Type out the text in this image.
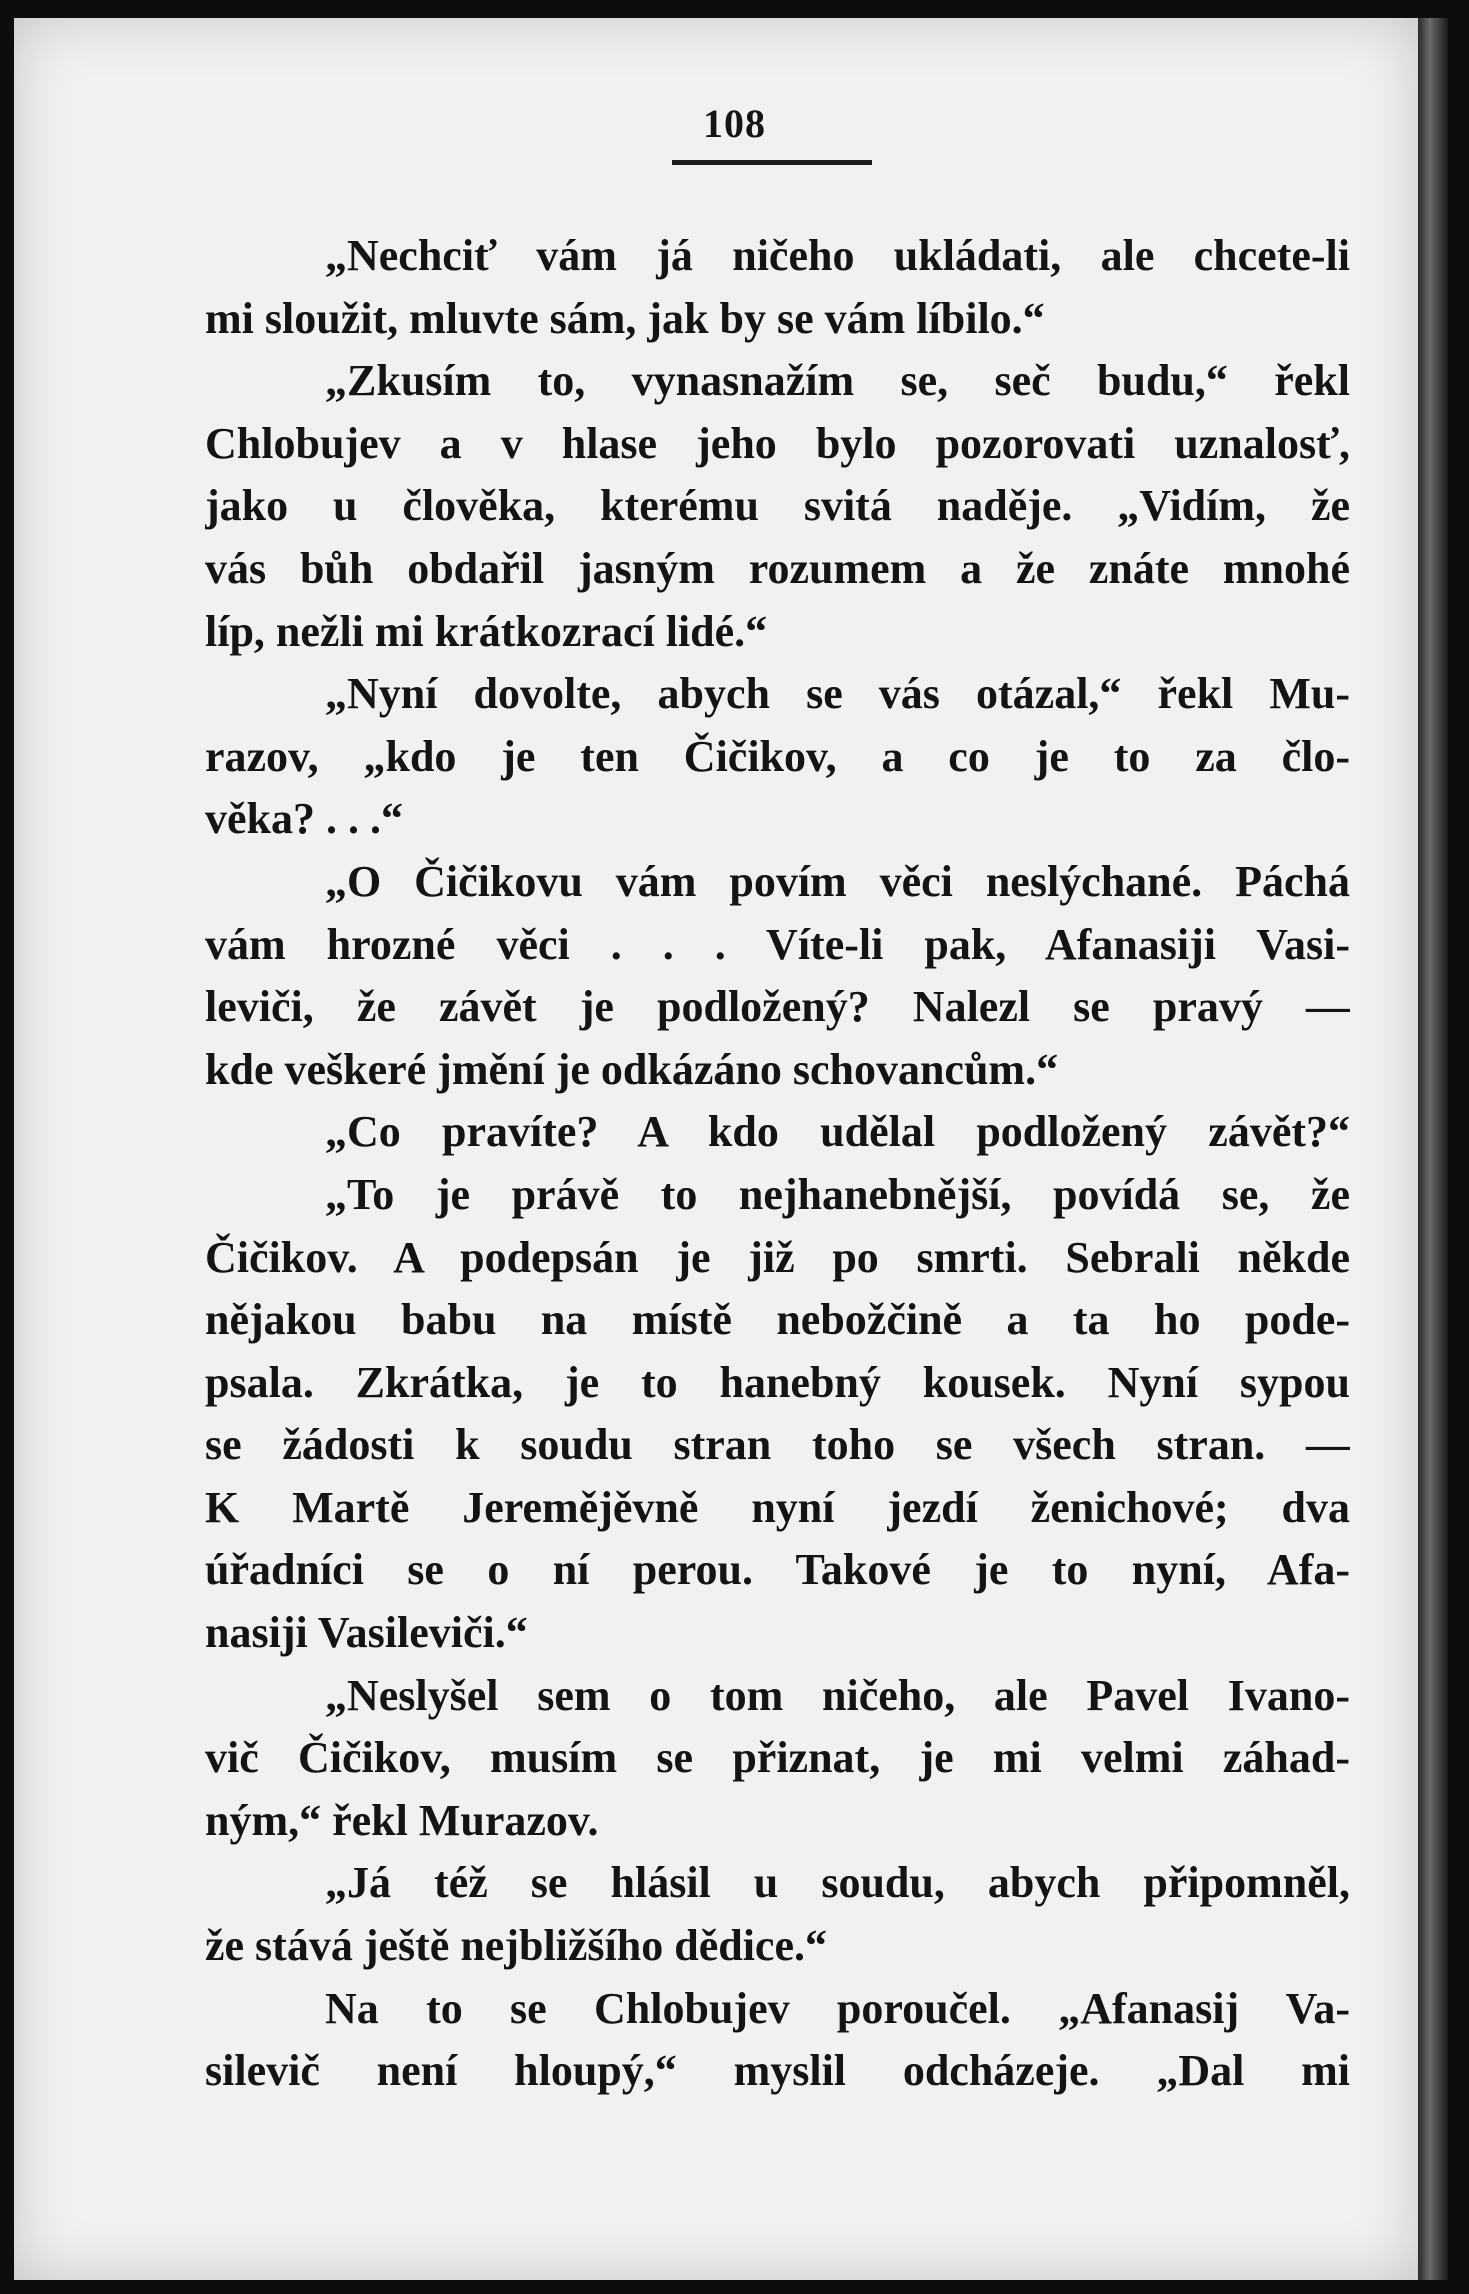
108
„Nechciť vám já ničeho ukládati, ale chcete-li
mi sloužit, mluvte sám, jak by se vám líbilo.“
„Zkusím to, vynasnažím se, seč budu,“ řekl
Chlobujev a v hlase jeho bylo pozorovati uznalosť,
jako u člověka, kterému svitá naděje. „Vidím, že
vás bůh obdařil jasným rozumem a že znáte mnohé
líp, nežli mi krátkozrací lidé.“
„Nyní dovolte, abych se vás otázal,“ řekl Mu-
razov, „kdo je ten Čičikov, a co je to za člo-
věka? . . .“
„O Čičikovu vám povím věci neslýchané. Páchá
vám hrozné věci . . . Víte-li pak, Afanasiji Vasi-
leviči, že závět je podložený? Nalezl se pravý —
kde veškeré jmění je odkázáno schovancům.“
„Co pravíte? A kdo udělal podložený závět?“
„To je právě to nejhanebnější, povídá se, že
Čičikov. A podepsán je již po smrti. Sebrali někde
nějakou babu na místě nebožčině a ta ho pode-
psala. Zkrátka, je to hanebný kousek. Nyní sypou
se žádosti k soudu stran toho se všech stran. —
K Martě Jeremějěvně nyní jezdí ženichové; dva
úřadníci se o ní perou. Takové je to nyní, Afa-
nasiji Vasileviči.“
„Neslyšel sem o tom ničeho, ale Pavel Ivano-
vič Čičikov, musím se přiznat, je mi velmi záhad-
ným,“ řekl Murazov.
„Já též se hlásil u soudu, abych připomněl,
že stává ještě nejbližšího dědice.“
Na to se Chlobujev poroučel. „Afanasij Va-
silevič není hloupý,“ myslil odcházeje. „Dal mi
